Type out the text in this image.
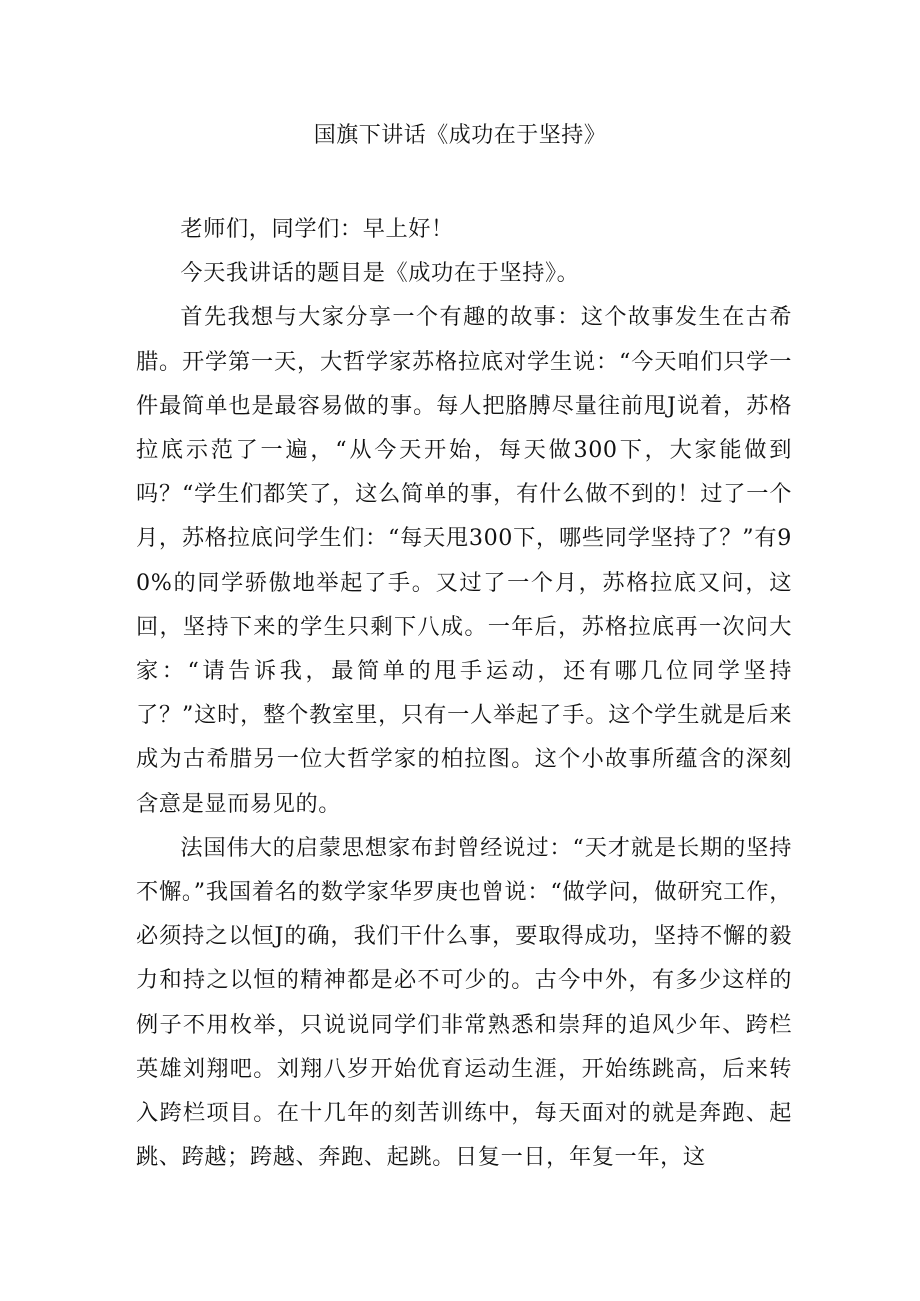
国旗下讲话《成功在于坚持》

老师们，同学们：早上好！

今天我讲话的题目是《成功在于坚持》。

首先我想与大家分享一个有趣的故事：这个故事发生在古希腊。开学第一天，大哲学家苏格拉底对学生说：“今天咱们只学一件最简单也是最容易做的事。每人把胳膊尽量往前甩J说着，苏格拉底示范了一遍，“从今天开始，每天做300下，大家能做到吗？“学生们都笑了，这么简单的事，有什么做不到的！过了一个月，苏格拉底问学生们：“每天甩300下，哪些同学坚持了？”有90%的同学骄傲地举起了手。又过了一个月，苏格拉底又问，这回，坚持下来的学生只剩下八成。一年后，苏格拉底再一次问大家：“请告诉我，最简单的甩手运动，还有哪几位同学坚持了？”这时，整个教室里，只有一人举起了手。这个学生就是后来成为古希腊另一位大哲学家的柏拉图。这个小故事所蕴含的深刻含意是显而易见的。

法国伟大的启蒙思想家布封曾经说过：“天才就是长期的坚持不懈。”我国着名的数学家华罗庚也曾说：“做学问，做研究工作，必须持之以恒J的确，我们干什么事，要取得成功，坚持不懈的毅力和持之以恒的精神都是必不可少的。古今中外，有多少这样的例子不用枚举，只说说同学们非常熟悉和崇拜的追风少年、跨栏英雄刘翔吧。刘翔八岁开始优育运动生涯，开始练跳高，后来转入跨栏项目。在十几年的刻苦训练中，每天面对的就是奔跑、起跳、跨越；跨越、奔跑、起跳。日复一日，年复一年，这
